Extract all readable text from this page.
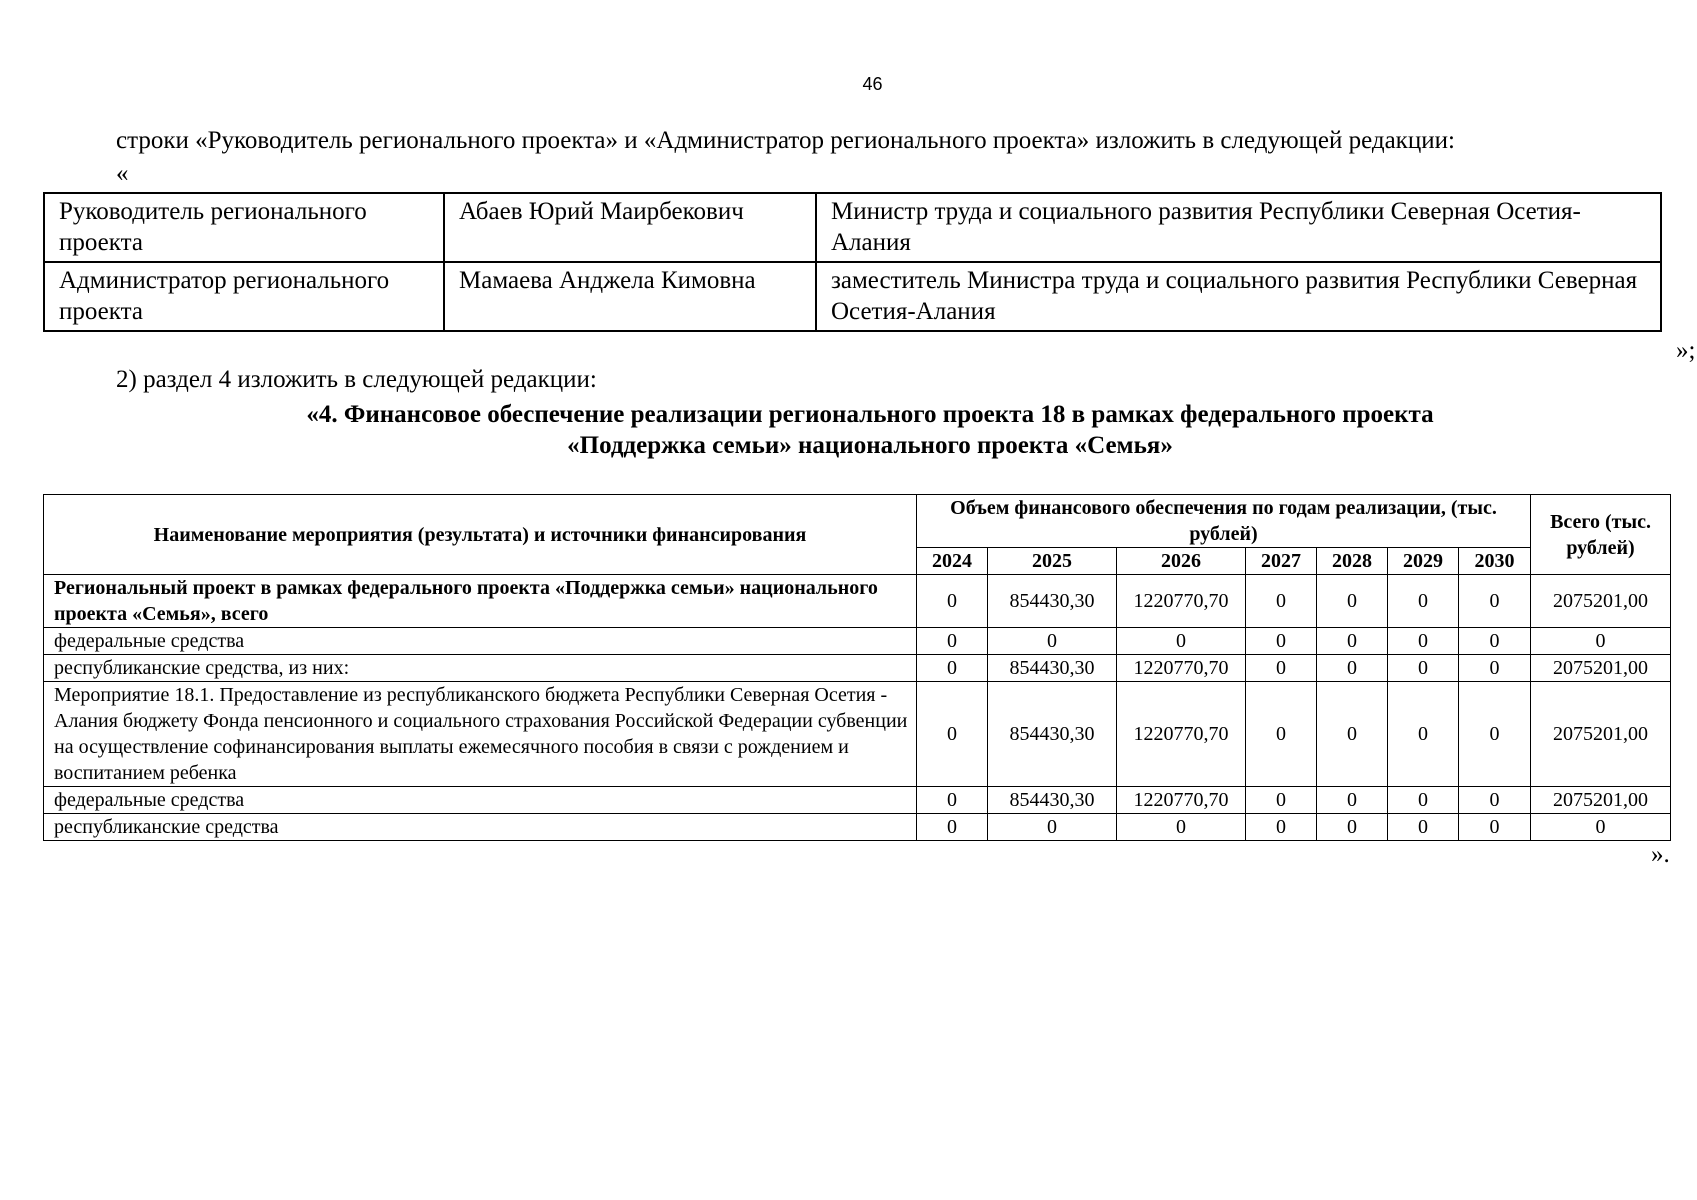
46
строки «Руководитель регионального проекта» и «Администратор регионального проекта» изложить в следующей редакции:
«
Руководитель регионального проекта	Абаев Юрий Маирбекович	Министр труда и социального развития Республики Северная Осетия-Алания
Администратор регионального проекта	Мамаева Анджела Кимовна	заместитель Министра труда и социального развития Республики Северная Осетия-Алания
»;
2) раздел 4 изложить в следующей редакции:
«4. Финансовое обеспечение реализации регионального проекта 18 в рамках федерального проекта
«Поддержка семьи» национального проекта «Семья»
Наименование мероприятия (результата) и источники финансирования	Объем финансового обеспечения по годам реализации, (тыс. рублей)							Всего (тыс. рублей)
	2024	2025	2026	2027	2028	2029	2030	
Региональный проект в рамках федерального проекта «Поддержка семьи» национального проекта «Семья», всего	0	854430,30	1220770,70	0	0	0	0	2075201,00
федеральные средства	0	0	0	0	0	0	0	0
республиканские средства, из них:	0	854430,30	1220770,70	0	0	0	0	2075201,00
Мероприятие 18.1. Предоставление из республиканского бюджета Республики Северная Осетия - Алания бюджету Фонда пенсионного и социального страхования Российской Федерации субвенции на осуществление софинансирования выплаты ежемесячного пособия в связи с рождением и воспитанием ребенка	0	854430,30	1220770,70	0	0	0	0	2075201,00
федеральные средства	0	854430,30	1220770,70	0	0	0	0	2075201,00
республиканские средства	0	0	0	0	0	0	0	0
».
